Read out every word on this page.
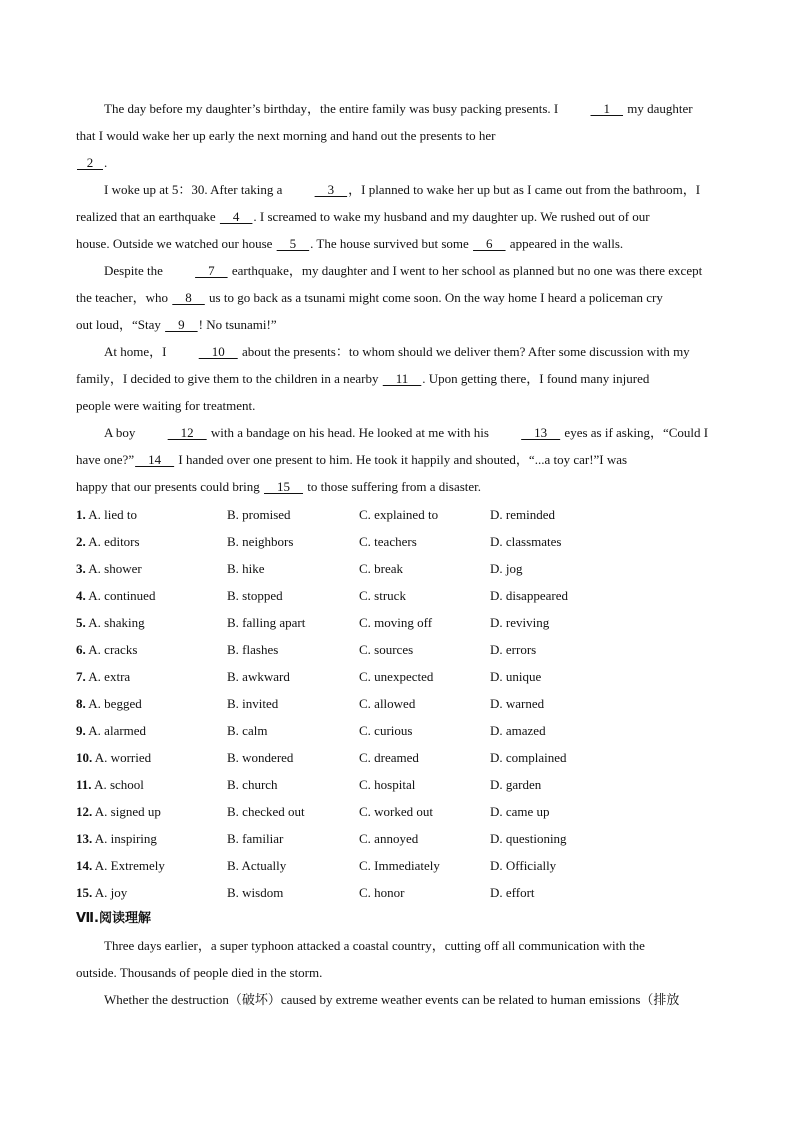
The day before my daughter’s birthday，the entire family was busy packing presents. I	1     my daughter
that I would wake her up early the next morning and hand out the presents to her
2   .
I woke up at 5：30. After taking a     3    ，I planned to wake her up but as I came out from the bathroom，I
realized that an earthquake     4    . I screamed to wake my husband and my daughter up. We rushed out of our
house. Outside we watched our house     5    . The house survived but some     6     appeared in the walls.
Despite the     7     earthquake，my daughter and I went to her school as planned but no one was there except
the teacher，who     8     us to go back as a tsunami might come soon. On the way home I heard a policeman cry
out loud，“Stay     9    ! No tsunami!”
At home，I     10     about the presents：to whom should we deliver them? After some discussion with my
family，I decided to give them to the children in a nearby     11    . Upon getting there，I found many injured
people were waiting for treatment.
A boy     12     with a bandage on his head. He looked at me with his     13     eyes as if asking，“Could I
have one?”    14     I handed over one present to him. He took it happily and shouted，“...a toy car!”I was
happy that our presents could bring     15     to those suffering from a disaster.
1. A. lied to	B. promised	C. explained to	D. reminded
2. A. editors	B. neighbors	C. teachers	D. classmates
3. A. shower	B. hike	C. break	D. jog
4. A. continued	B. stopped	C. struck	D. disappeared
5. A. shaking	B. falling apart	C. moving off	D. reviving
6. A. cracks	B. flashes	C. sources	D. errors
7. A. extra	B. awkward	C. unexpected	D. unique
8. A. begged	B. invited	C. allowed	D. warned
9. A. alarmed	B. calm	C. curious	D. amazed
10. A. worried	B. wondered	C. dreamed	D. complained
11. A. school	B. church	C. hospital	D. garden
12. A. signed up	B. checked out	C. worked out	D. came up
13. A. inspiring	B. familiar	C. annoyed	D. questioning
14. A. Extremely	B. Actually	C. Immediately	D. Officially
15. A. joy	B. wisdom	C. honor	D. effort
Ⅶ.阅读理解
Three days earlier，a super typhoon attacked a coastal country，cutting off all communication with the
outside. Thousands of people died in the storm.
Whether the destruction（破坏）caused by extreme weather events can be related to human emissions（排放
